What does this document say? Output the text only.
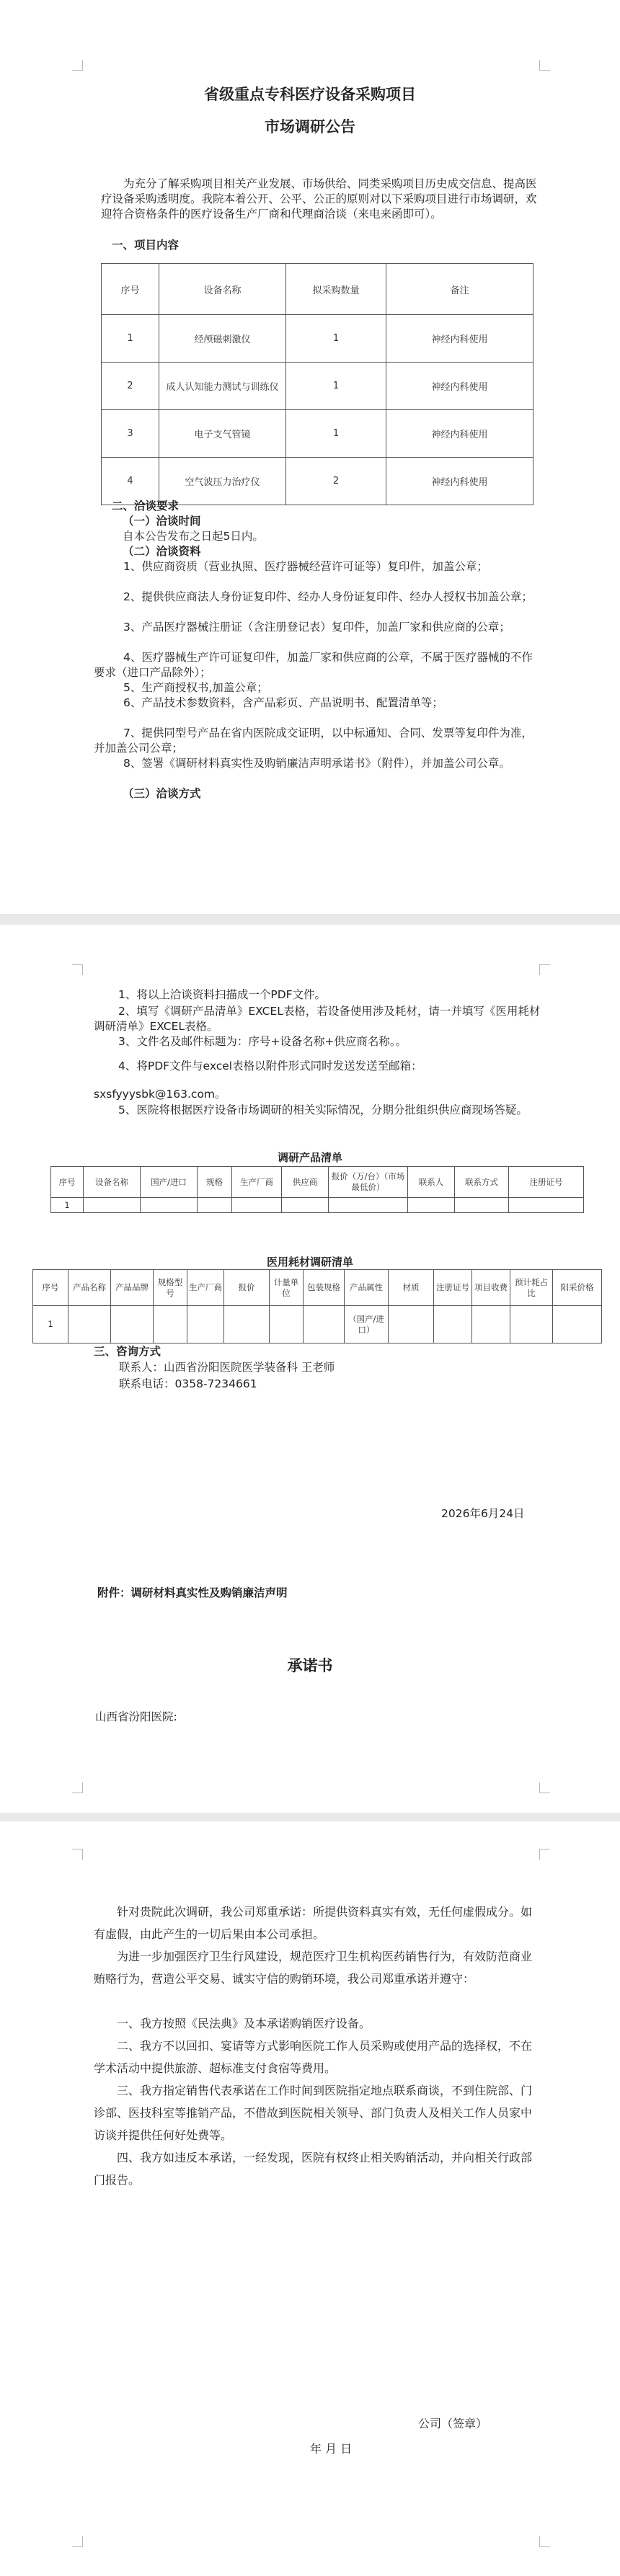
省级重点专科医疗设备采购项目
市场调研公告
为充分了解采购项目相关产业发展、市场供给、同类采购项目历史成交信息、提高医疗设备采购透明度。我院本着公开、公平、公正的原则对以下采购项目进行市场调研，欢迎符合资格条件的医疗设备生产厂商和代理商洽谈（来电来函即可）。
一、项目内容
序号	设备名称	拟采购数量	备注
1	经颅磁刺激仪	1	神经内科使用
2	成人认知能力测试与训练仪	1	神经内科使用
3	电子支气管镜	1	神经内科使用
4	空气波压力治疗仪	2	神经内科使用
二、洽谈要求
（一）洽谈时间
自本公告发布之日起5日内。
（二）洽谈资料
1、供应商资质（营业执照、医疗器械经营许可证等）复印件，加盖公章；
2、提供供应商法人身份证复印件、经办人身份证复印件、经办人授权书加盖公章；
3、产品医疗器械注册证（含注册登记表）复印件，加盖厂家和供应商的公章；
4、医疗器械生产许可证复印件，加盖厂家和供应商的公章，不属于医疗器械的不作要求（进口产品除外）；
5、生产商授权书,加盖公章；
6、产品技术参数资料，含产品彩页、产品说明书、配置清单等；
7、提供同型号产品在省内医院成交证明，以中标通知、合同、发票等复印件为准，并加盖公司公章；
8、签署《调研材料真实性及购销廉洁声明承诺书》（附件），并加盖公司公章。
（三）洽谈方式
1、将以上洽谈资料扫描成一个PDF文件。
2、填写《调研产品清单》EXCEL表格，若设备使用涉及耗材，请一并填写《医用耗材调研清单》EXCEL表格。
3、文件名及邮件标题为：序号+设备名称+供应商名称。。
4、将PDF文件与excel表格以附件形式同时发送发送至邮箱：
sxsfyyysbk@163.com。
5、医院将根据医疗设备市场调研的相关实际情况，分期分批组织供应商现场答疑。
调研产品清单
序号	设备名称	国产/进口	规格	生产厂商	供应商	报价（万/台）（市场最低价）	联系人	联系方式	注册证号
1									
医用耗材调研清单
序号	产品名称	产品品牌	规格型号	生产厂商	报价	计量单位	包装规格	产品属性	材质	注册证号	项目收费	预计耗占比	阳采价格
1								（国产/进口）					
三、咨询方式
联系人：山西省汾阳医院医学装备科 王老师
联系电话：0358-7234661
2026年6月24日
附件：调研材料真实性及购销廉洁声明
承诺书
山西省汾阳医院:
针对贵院此次调研，我公司郑重承诺：所提供资料真实有效，无任何虚假成分。如有虚假，由此产生的一切后果由本公司承担。
为进一步加强医疗卫生行风建设，规范医疗卫生机构医药销售行为，有效防范商业贿赂行为，营造公平交易、诚实守信的购销环境，我公司郑重承诺并遵守：
一、我方按照《民法典》及本承诺购销医疗设备。
二、我方不以回扣、宴请等方式影响医院工作人员采购或使用产品的选择权，不在学术活动中提供旅游、超标准支付食宿等费用。
三、我方指定销售代表承诺在工作时间到医院指定地点联系商谈，不到住院部、门诊部、医技科室等推销产品，不借故到医院相关领导、部门负责人及相关工作人员家中访谈并提供任何好处费等。
四、我方如违反本承诺，一经发现，医院有权终止相关购销活动，并向相关行政部门报告。
公司（签章）
年 月 日
